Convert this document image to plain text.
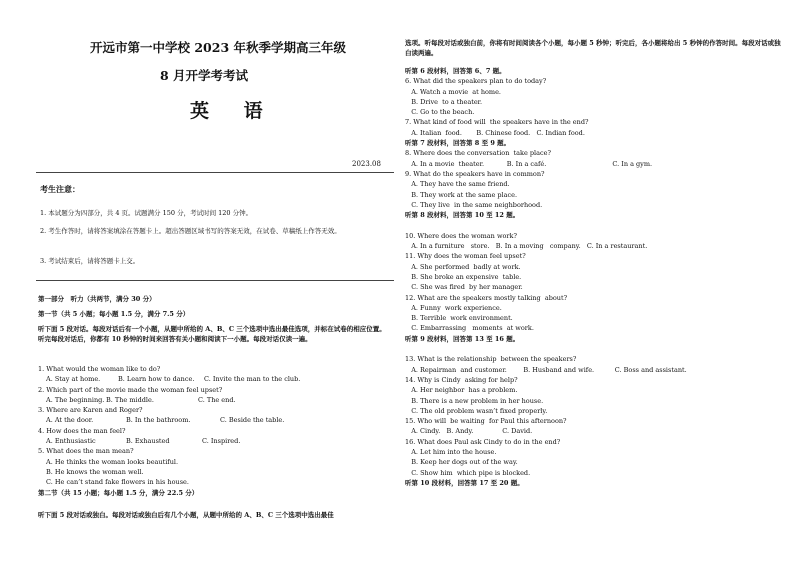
开远市第一中学校 2023 年秋季学期高三年级
8 月开学考考试
英 语
2023.08
考生注意：
1. 本试题分为四部分，共 4 页。试题满分 150 分，考试时间 120 分钟。
2. 考生作答时，请将答案填涂在答题卡上。超出答题区域书写的答案无效，在试卷、草稿纸上作答无效。
3. 考试结束后，请将答题卡上交。
第一部分　听力（共两节，满分 30 分）
第一节（共 5 小题；每小题 1.5 分，满分 7.5 分）
听下面 5 段对话。每段对话后有一个小题，从题中所给的 A、B、C 三个选项中选出最佳选项，并标在试卷的相应位置。听完每段对话后，你都有 10 秒钟的时间来回答有关小题和阅读下一小题。每段对话仅读一遍。
1. What would the woman like to do?
A. Stay at home.	B. Learn how to dance. C. Invite the man to the club.
2. Which part of the movie made the woman feel upset?
A. The beginning. B. The middle.	C. The end.
3. Where are Karen and Roger?
A. At the door.	B. In the bathroom.	C. Beside the table.
4. How does the man feel?
A. Enthusiastic	B. Exhausted	C. Inspired.
5. What does the man mean?
A. He thinks the woman looks beautiful.
B. He knows the woman well.
C. He can’t stand fake flowers in his house.
第二节（共 15 小题；每小题 1.5 分，满分 22.5 分）
听下面 5 段对话或独白。每段对话或独白后有几个小题，从题中所给的 A、B、C 三个选项中选出最佳
选项。听每段对话或独白前，你将有时间阅读各个小题，每小题 5 秒钟；听完后，各小题将给出 5 秒钟的作答时间。每段对话或独白读两遍。
听第 6 段材料，回答第 6、7 题。
6. What did the speakers plan to do today?
A. Watch a movie  at home.
B. Drive  to a theater.
C. Go to the beach.
7. What kind of food will  the speakers have in the end?
A. Italian  food.       B. Chinese food.   C. Indian food.
听第 7 段材料，回答第 8 至 9 题。
8. Where does the conversation  take place?
A. In a movie  theater.           B. In a café.                                C. In a gym.
9. What do the speakers have in common?
A. They have the same friend.
B. They work at the same place.
C. They live  in the same neighborhood.
听第 8 段材料，回答第 10 至 12 题。
10. Where does the woman work?
A. In a furniture   store.   B. In a moving   company.   C. In a restaurant.
11. Why does the woman feel upset?
A. She performed  badly at work.
B. She broke an expensive  table.
C. She was fired  by her manager.
12. What are the speakers mostly talking  about?
A. Funny  work experience.
B. Terrible  work environment.
C. Embarrassing   moments  at work.
听第 9 段材料，回答第 13 至 16 题。
13. What is the relationship  between the speakers?
A. Repairman  and customer.        B. Husband and wife.          C. Boss and assistant.
14. Why is Cindy  asking for help?
A. Her neighbor  has a problem.
B. There is a new problem in her house.
C. The old problem wasn’t fixed properly.
15. Who will  be waiting  for Paul this afternoon?
A. Cindy.   B. Andy.              C. David.
16. What does Paul ask Cindy to do in the end?
A. Let him into the house.
B. Keep her dogs out of the way.
C. Show him  which pipe is blocked.
听第 10 段材料，回答第 17 至 20 题。
